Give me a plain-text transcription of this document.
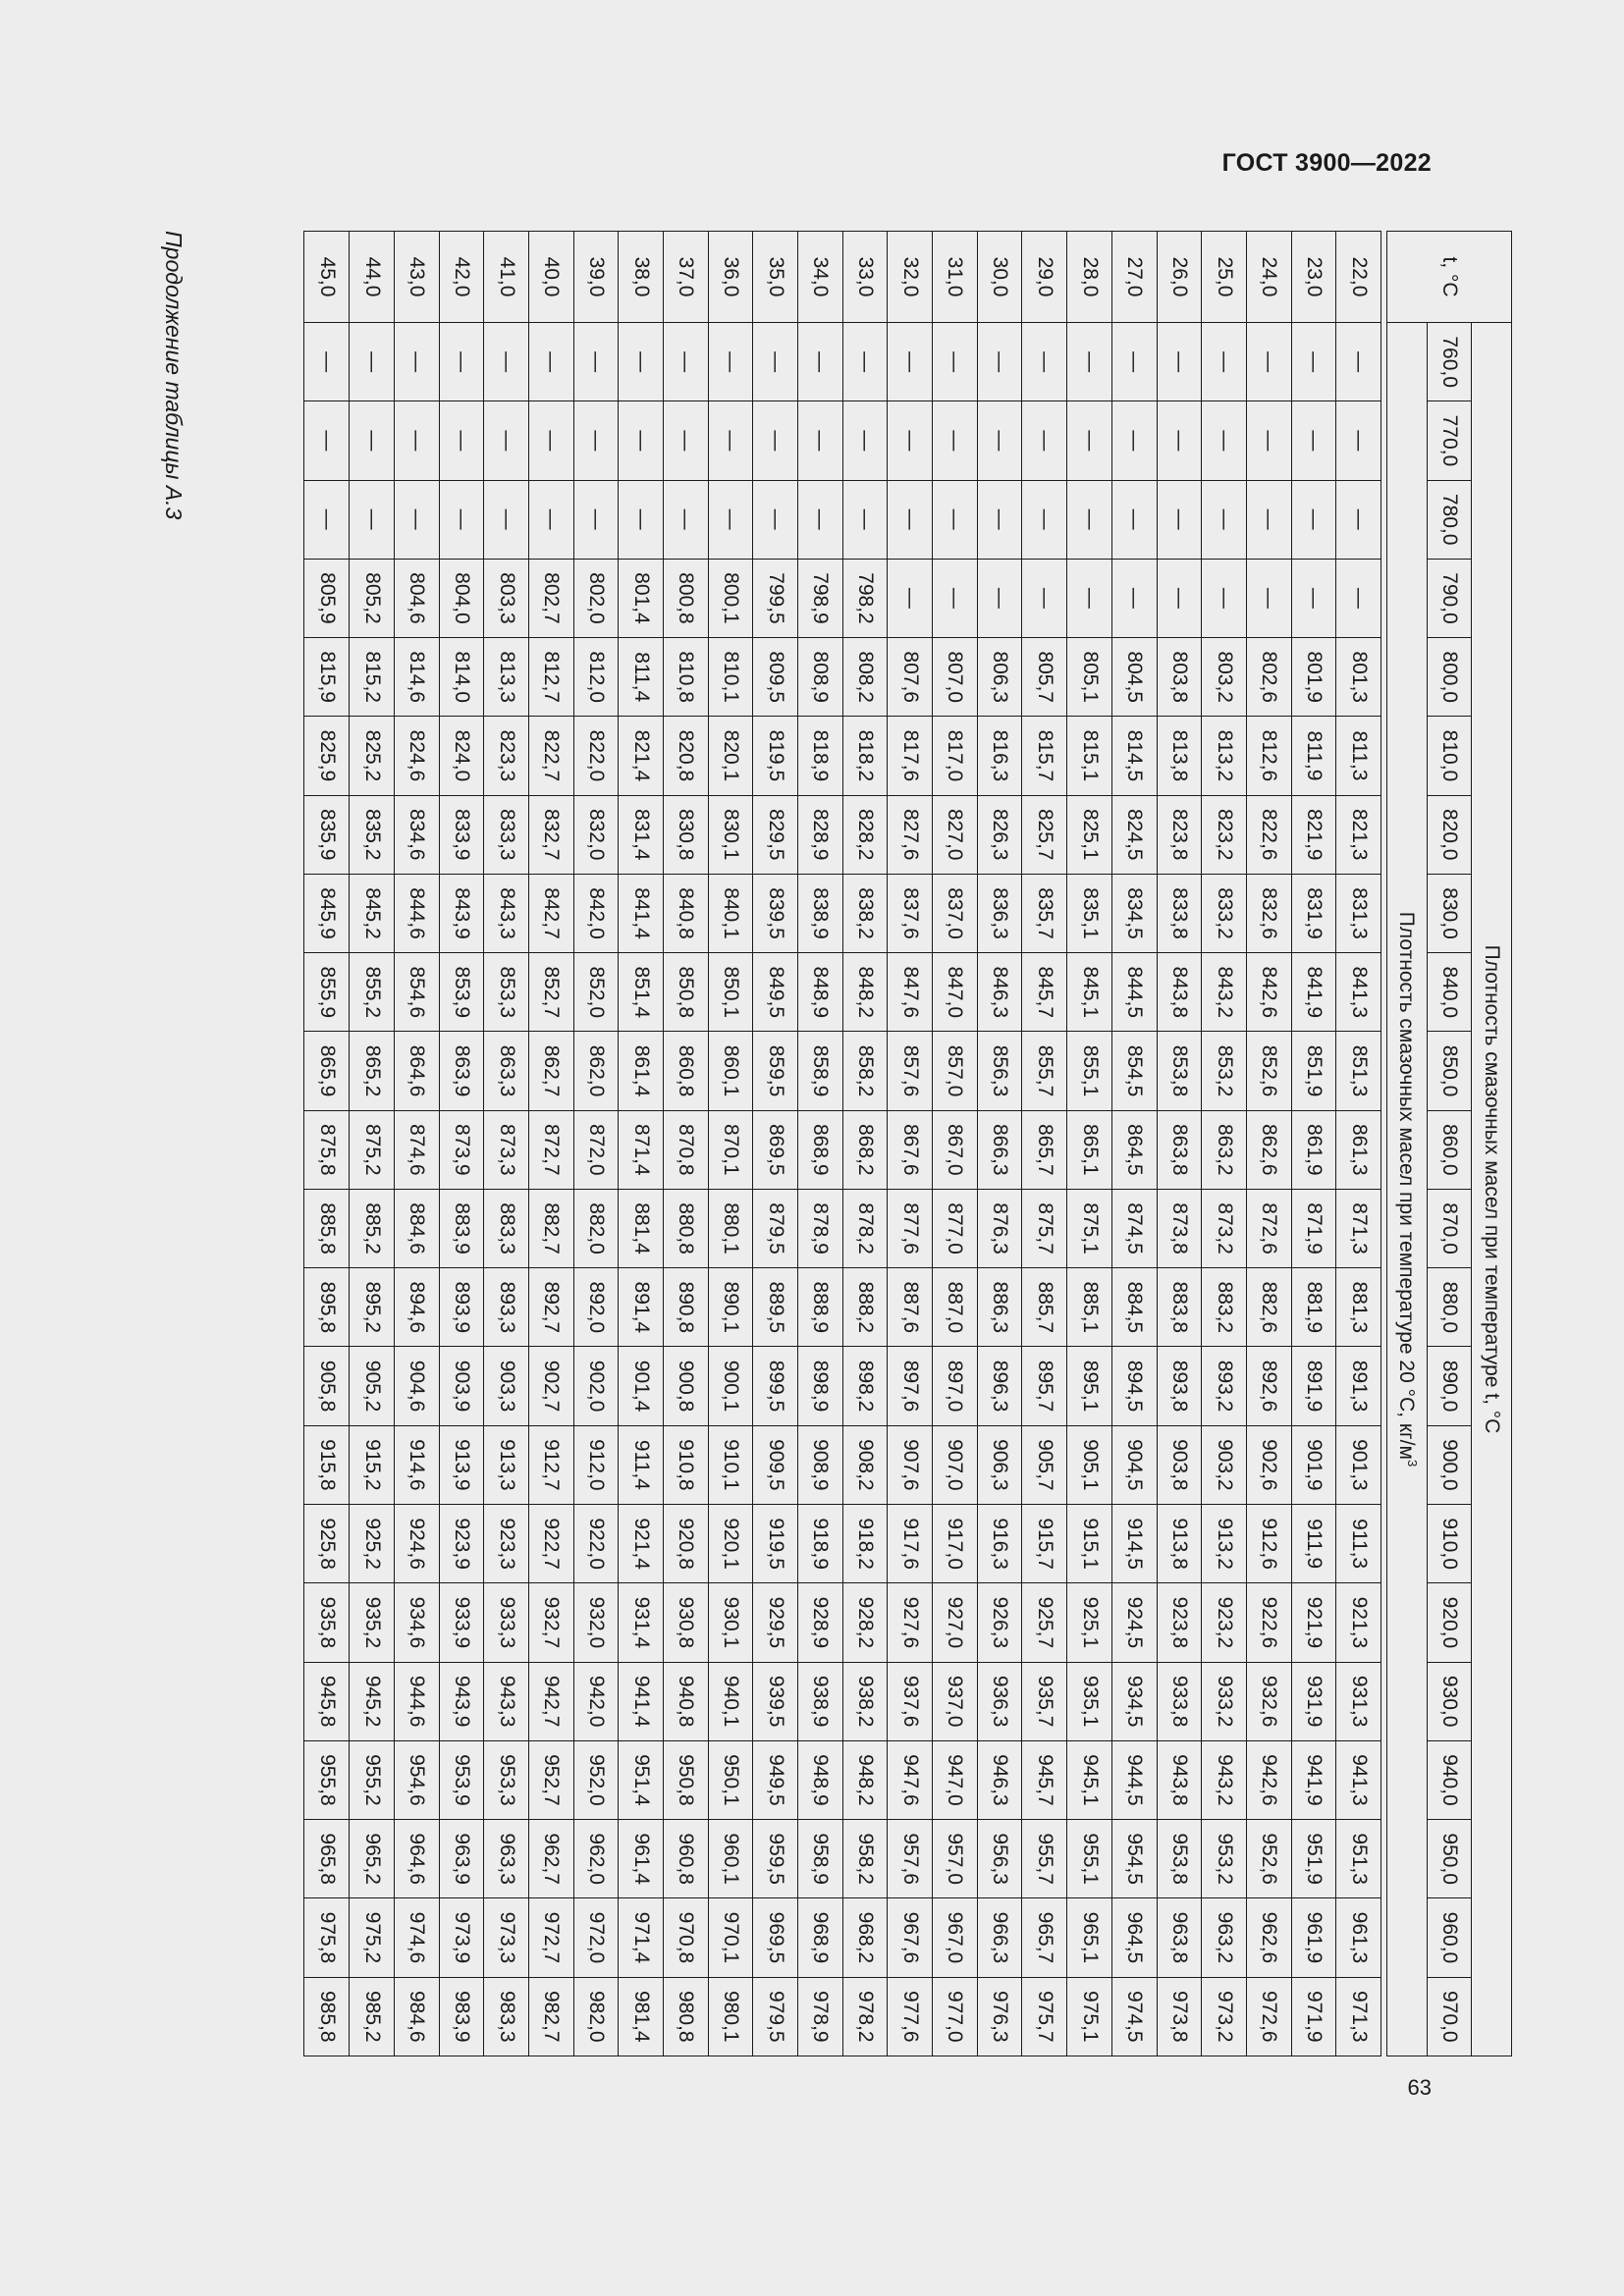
ГОСТ 3900—2022
t, °C	Плотность смазочных масел при температуре t, °C																					
	760,0	770,0	780,0	790,0	800,0	810,0	820,0	830,0	840,0	850,0	860,0	870,0	880,0	890,0	900,0	910,0	920,0	930,0	940,0	950,0	960,0	970,0
	Плотность смазочных масел при температуре 20 °C, $кг/м^3$

22,0	—	—	—	—	801,3	811,3	821,3	831,3	841,3	851,3	861,3	871,3	881,3	891,3	901,3	911,3	921,3	931,3	941,3	951,3	961,3	971,3
23,0	—	—	—	—	801,9	811,9	821,9	831,9	841,9	851,9	861,9	871,9	881,9	891,9	901,9	911,9	921,9	931,9	941,9	951,9	961,9	971,9
24,0	—	—	—	—	802,6	812,6	822,6	832,6	842,6	852,6	862,6	872,6	882,6	892,6	902,6	912,6	922,6	932,6	942,6	952,6	962,6	972,6
25,0	—	—	—	—	803,2	813,2	823,2	833,2	843,2	853,2	863,2	873,2	883,2	893,2	903,2	913,2	923,2	933,2	943,2	953,2	963,2	973,2
26,0	—	—	—	—	803,8	813,8	823,8	833,8	843,8	853,8	863,8	873,8	883,8	893,8	903,8	913,8	923,8	933,8	943,8	953,8	963,8	973,8
27,0	—	—	—	—	804,5	814,5	824,5	834,5	844,5	854,5	864,5	874,5	884,5	894,5	904,5	914,5	924,5	934,5	944,5	954,5	964,5	974,5
28,0	—	—	—	—	805,1	815,1	825,1	835,1	845,1	855,1	865,1	875,1	885,1	895,1	905,1	915,1	925,1	935,1	945,1	955,1	965,1	975,1
29,0	—	—	—	—	805,7	815,7	825,7	835,7	845,7	855,7	865,7	875,7	885,7	895,7	905,7	915,7	925,7	935,7	945,7	955,7	965,7	975,7
30,0	—	—	—	—	806,3	816,3	826,3	836,3	846,3	856,3	866,3	876,3	886,3	896,3	906,3	916,3	926,3	936,3	946,3	956,3	966,3	976,3
31,0	—	—	—	—	807,0	817,0	827,0	837,0	847,0	857,0	867,0	877,0	887,0	897,0	907,0	917,0	927,0	937,0	947,0	957,0	967,0	977,0
32,0	—	—	—	—	807,6	817,6	827,6	837,6	847,6	857,6	867,6	877,6	887,6	897,6	907,6	917,6	927,6	937,6	947,6	957,6	967,6	977,6
33,0	—	—	—	798,2	808,2	818,2	828,2	838,2	848,2	858,2	868,2	878,2	888,2	898,2	908,2	918,2	928,2	938,2	948,2	958,2	968,2	978,2
34,0	—	—	—	798,9	808,9	818,9	828,9	838,9	848,9	858,9	868,9	878,9	888,9	898,9	908,9	918,9	928,9	938,9	948,9	958,9	968,9	978,9
35,0	—	—	—	799,5	809,5	819,5	829,5	839,5	849,5	859,5	869,5	879,5	889,5	899,5	909,5	919,5	929,5	939,5	949,5	959,5	969,5	979,5
36,0	—	—	—	800,1	810,1	820,1	830,1	840,1	850,1	860,1	870,1	880,1	890,1	900,1	910,1	920,1	930,1	940,1	950,1	960,1	970,1	980,1
37,0	—	—	—	800,8	810,8	820,8	830,8	840,8	850,8	860,8	870,8	880,8	890,8	900,8	910,8	920,8	930,8	940,8	950,8	960,8	970,8	980,8
38,0	—	—	—	801,4	811,4	821,4	831,4	841,4	851,4	861,4	871,4	881,4	891,4	901,4	911,4	921,4	931,4	941,4	951,4	961,4	971,4	981,4
39,0	—	—	—	802,0	812,0	822,0	832,0	842,0	852,0	862,0	872,0	882,0	892,0	902,0	912,0	922,0	932,0	942,0	952,0	962,0	972,0	982,0
40,0	—	—	—	802,7	812,7	822,7	832,7	842,7	852,7	862,7	872,7	882,7	892,7	902,7	912,7	922,7	932,7	942,7	952,7	962,7	972,7	982,7
41,0	—	—	—	803,3	813,3	823,3	833,3	843,3	853,3	863,3	873,3	883,3	893,3	903,3	913,3	923,3	933,3	943,3	953,3	963,3	973,3	983,3
42,0	—	—	—	804,0	814,0	824,0	833,9	843,9	853,9	863,9	873,9	883,9	893,9	903,9	913,9	923,9	933,9	943,9	953,9	963,9	973,9	983,9
43,0	—	—	—	804,6	814,6	824,6	834,6	844,6	854,6	864,6	874,6	884,6	894,6	904,6	914,6	924,6	934,6	944,6	954,6	964,6	974,6	984,6
44,0	—	—	—	805,2	815,2	825,2	835,2	845,2	855,2	865,2	875,2	885,2	895,2	905,2	915,2	925,2	935,2	945,2	955,2	965,2	975,2	985,2
45,0	—	—	—	805,9	815,9	825,9	835,9	845,9	855,9	865,9	875,8	885,8	895,8	905,8	915,8	925,8	935,8	945,8	955,8	965,8	975,8	985,8
Продолжение таблицы А.3
63
